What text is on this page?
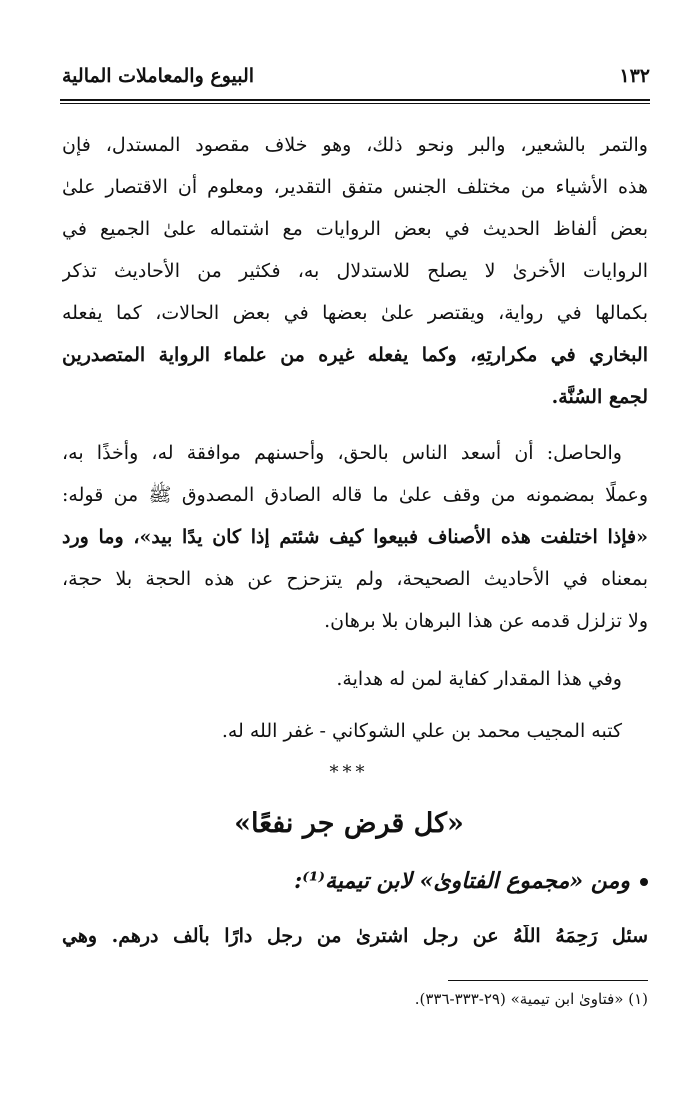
١٣٢
البيوع والمعاملات المالية
والتمر بالشعير، والبر ونحو ذلك، وهو خلاف مقصود المستدل، فإن
هذه الأشياء من مختلف الجنس متفق التقدير، ومعلوم أن الاقتصار علىٰ
بعض ألفاظ الحديث في بعض الروايات مع اشتماله علىٰ الجميع في
الروايات الأخرىٰ لا يصلح للاستدلال به، فكثير من الأحاديث تذكر
بكمالها في رواية، ويقتصر علىٰ بعضها في بعض الحالات، كما يفعله
البخاري في مكرارتِهِ، وكما يفعله غيره من علماء الرواية المتصدرين
لجمع السُنَّة.
والحاصل: أن أسعد الناس بالحق، وأحسنهم موافقة له، وأخذًا به،
وعملًا بمضمونه من وقف علىٰ ما قاله الصادق المصدوق ﷺ من قوله:
«فإذا اختلفت هذه الأصناف فبيعوا كيف شئتم إذا كان يدًا بيد»، وما ورد
بمعناه في الأحاديث الصحيحة، ولم يتزحزح عن هذه الحجة بلا حجة،
ولا تزلزل قدمه عن هذا البرهان بلا برهان.
وفي هذا المقدار كفاية لمن له هداية.
كتبه المجيب محمد بن علي الشوكاني - غفر الله له.
***
«كل قرض جر نفعًا»
ومن «مجموع الفتاوىٰ» لابن تيمية⁽¹⁾:
سئل رَحِمَهُ اللَّهُ عن رجل اشترىٰ من رجل دارًا بألف درهم. وهي
(١) «فتاوىٰ ابن تيمية» (٢٩-٣٣٣-٣٣٦).
